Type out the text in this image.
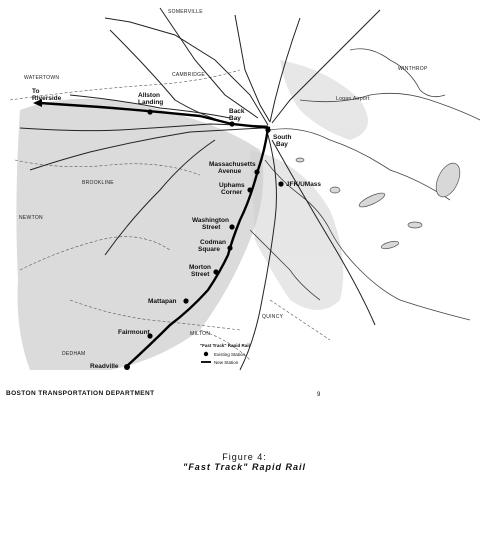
SOMERVILLE
WATERTOWN	CAMBRIDGE
WINTHROP
Logan Airport
BROOKLINE
NEWTON
QUINCY
MILTON
DEDHAM
To
Riverside	Allston
Landing
Back
Bay
South
Bay
Massachusetts
Avenue
Uphams
Corner
JFK/UMass
Washington
Street
Codman
Square
Morton
Street
Mattapan
Fairmount
Readville
"Fast Track" Rapid Rail
Existing Station
New Station
BOSTON TRANSPORTATION DEPARTMENT	9
Figure 4:
"Fast Track" Rapid Rail
